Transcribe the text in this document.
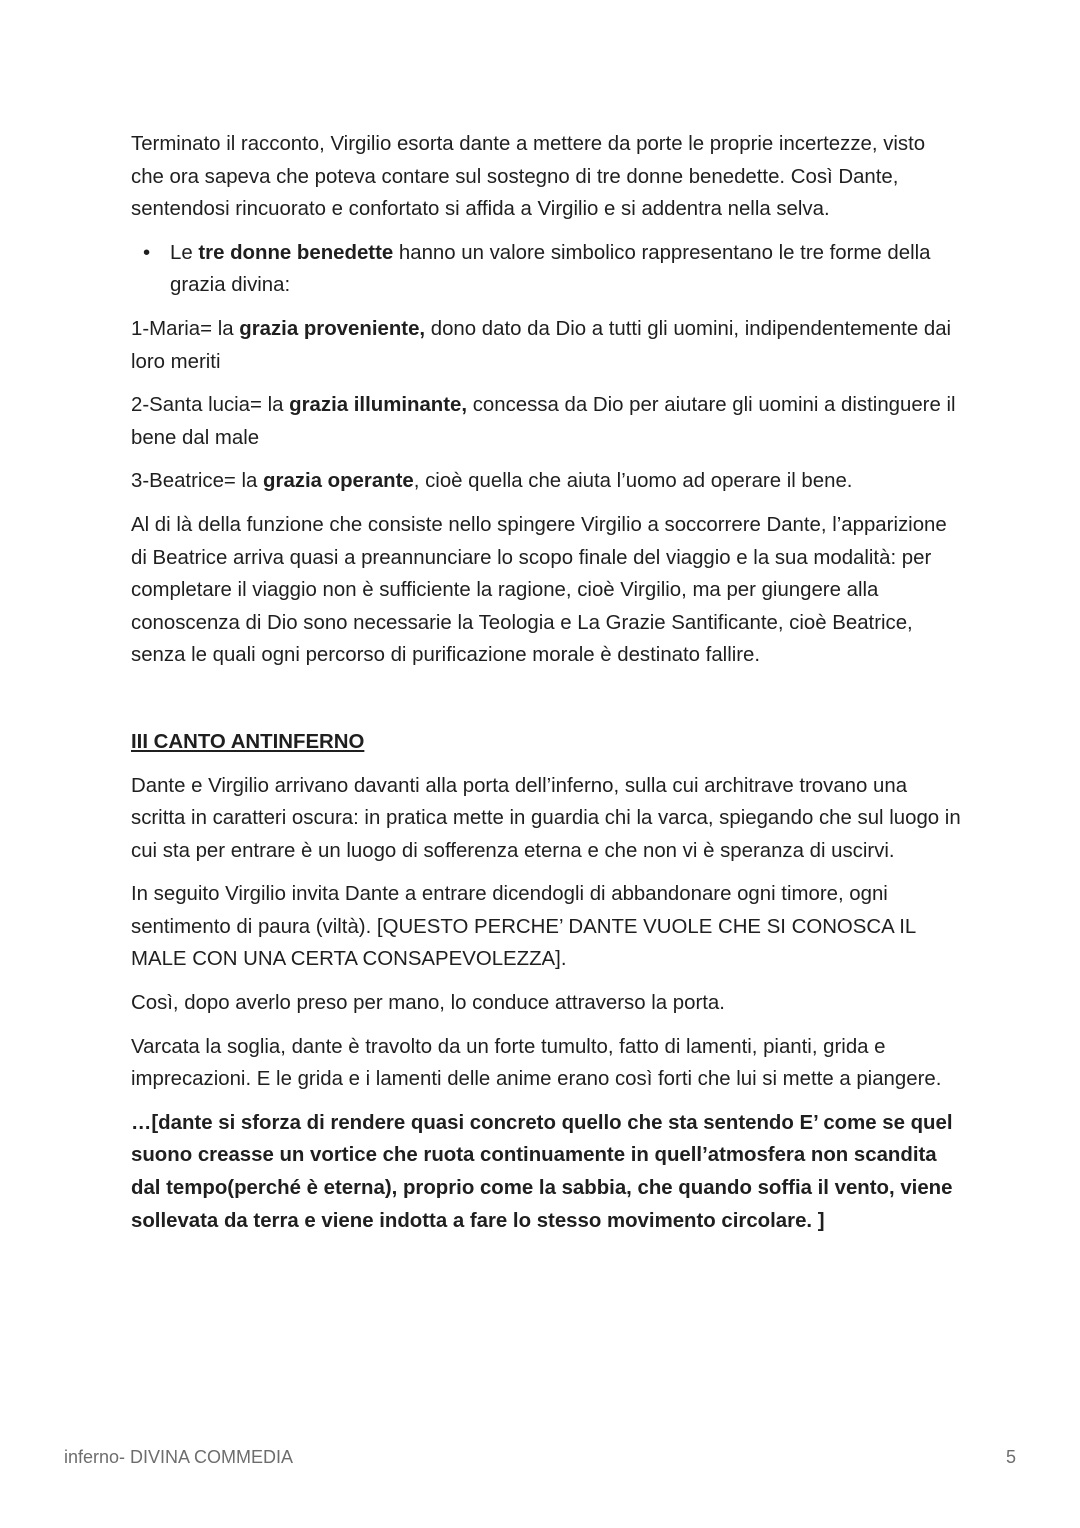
Terminato il racconto, Virgilio esorta dante a mettere da porte le proprie incertezze, visto che ora sapeva che poteva contare sul sostegno di tre donne benedette. Così Dante, sentendosi rincuorato e confortato si affida a Virgilio e si addentra nella selva.

• Le tre donne benedette hanno un valore simbolico rappresentano le tre forme della grazia divina:

1-Maria= la grazia proveniente, dono dato da Dio a tutti gli uomini, indipendentemente dai loro meriti

2-Santa lucia= la grazia illuminante, concessa da Dio per aiutare gli uomini a distinguere il bene dal male

3-Beatrice= la grazia operante, cioè quella che aiuta l’uomo ad operare il bene.

Al di là della funzione che consiste nello spingere Virgilio a soccorrere Dante, l’apparizione di Beatrice arriva quasi a preannunciare lo scopo finale del viaggio e la sua modalità: per completare il viaggio non è sufficiente la ragione, cioè Virgilio, ma per giungere alla conoscenza di Dio sono necessarie la Teologia e La Grazie Santificante, cioè Beatrice, senza le quali ogni percorso di purificazione morale è destinato fallire.

III CANTO ANTINFERNO

Dante e Virgilio arrivano davanti alla porta dell’inferno, sulla cui architrave trovano una scritta in caratteri oscura: in pratica mette in guardia chi la varca, spiegando che sul luogo in cui sta per entrare è un luogo di sofferenza eterna e che non vi è speranza di uscirvi.

In seguito Virgilio invita Dante a entrare dicendogli di abbandonare ogni timore, ogni sentimento di paura (viltà). [QUESTO PERCHE’ DANTE VUOLE CHE SI CONOSCA IL MALE CON UNA CERTA CONSAPEVOLEZZA].

Così, dopo averlo preso per mano, lo conduce attraverso la porta.

Varcata la soglia, dante è travolto da un forte tumulto, fatto di lamenti, pianti, grida e imprecazioni. E le grida e i lamenti delle anime erano così forti che lui si mette a piangere.

…[dante si sforza di rendere quasi concreto quello che sta sentendo E’ come se quel suono creasse un vortice che ruota continuamente in quell’atmosfera non scandita dal tempo(perché è eterna), proprio come la sabbia, che quando soffia il vento, viene sollevata da terra e viene indotta a fare lo stesso movimento circolare. ]

inferno- DIVINA COMMEDIA	5
